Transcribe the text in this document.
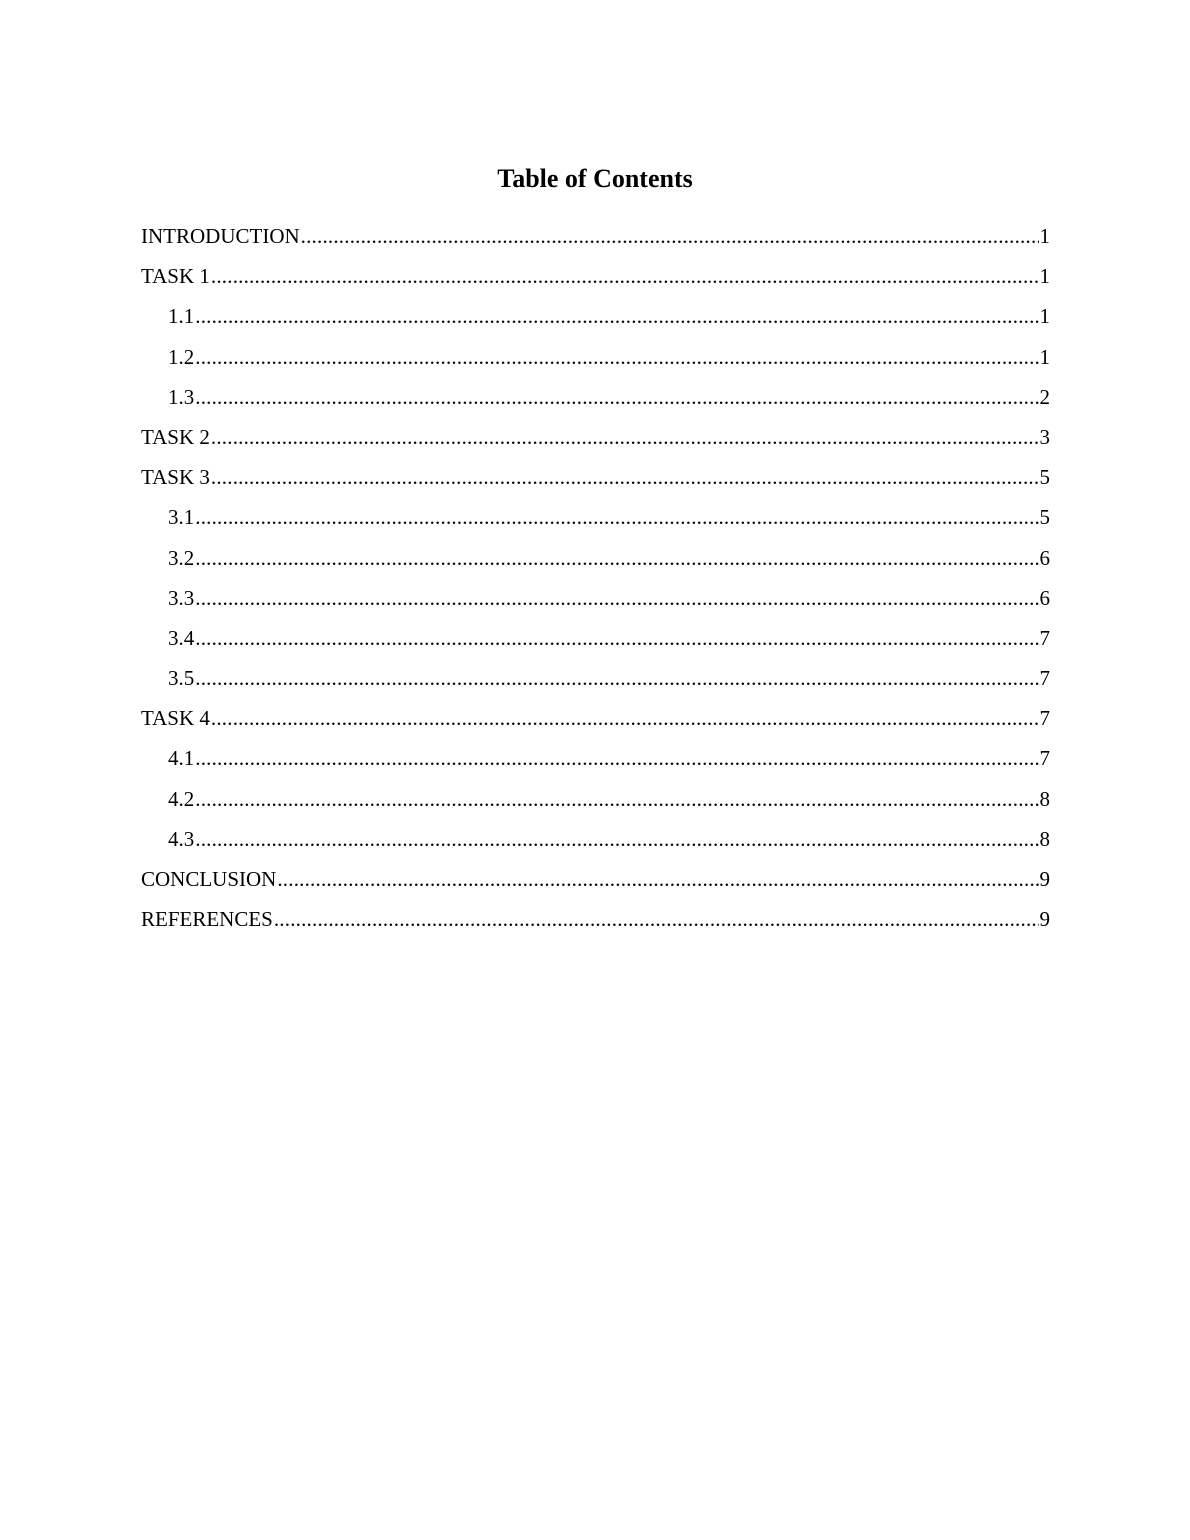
Table of Contents
INTRODUCTION .....	1
TASK 1 .....	1
1.1 .....	1
1.2 .....	1
1.3 .....	2
TASK 2 .....	3
TASK 3 .....	5
3.1 .....	5
3.2 .....	6
3.3 .....	6
3.4 .....	7
3.5 .....	7
TASK 4 .....	7
4.1 .....	7
4.2 .....	8
4.3 .....	8
CONCLUSION .....	9
REFERENCES .....	9
